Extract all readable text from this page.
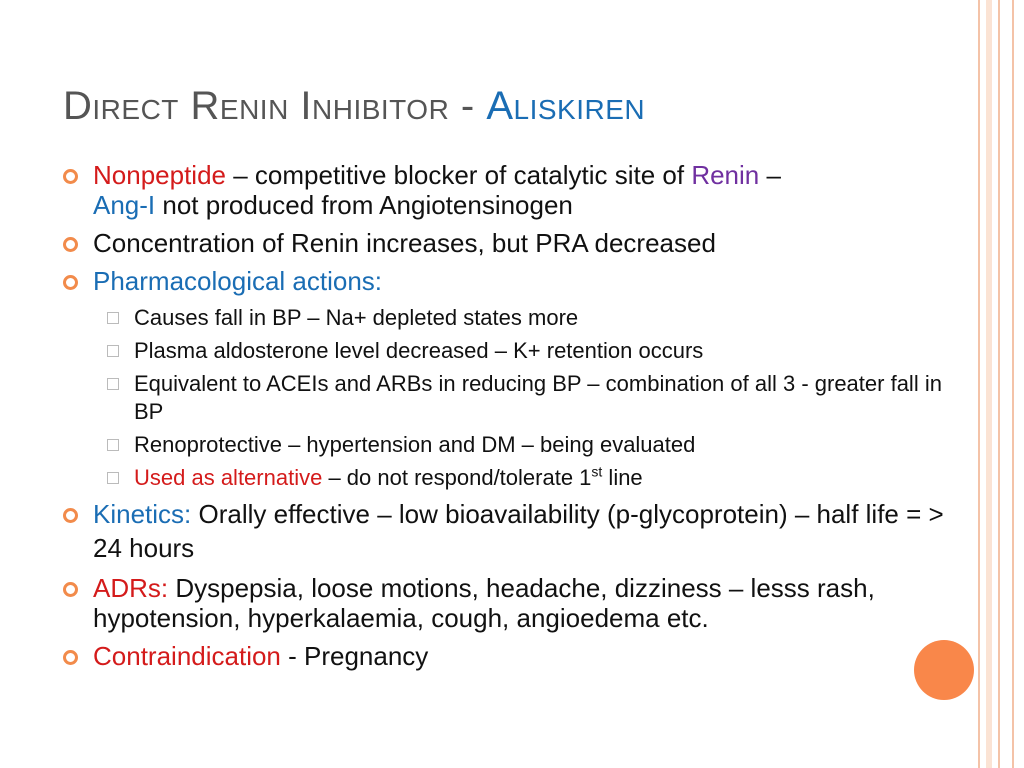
Direct Renin Inhibitor - Aliskiren
Nonpeptide – competitive blocker of catalytic site of Renin –
Ang-I not produced from Angiotensinogen
Concentration of Renin increases, but PRA decreased
Pharmacological actions:
Causes fall in BP – Na+ depleted states more
Plasma aldosterone level decreased – K+ retention occurs
Equivalent to ACEIs and ARBs in reducing BP – combination of all 3 - greater fall in BP
Renoprotective – hypertension and DM – being evaluated
Used as alternative – do not respond/tolerate 1st line
Kinetics: Orally effective – low bioavailability (p-glycoprotein) – half life = > 24 hours
ADRs: Dyspepsia, loose motions, headache, dizziness – lesss rash, hypotension, hyperkalaemia, cough, angioedema etc.
Contraindication - Pregnancy
